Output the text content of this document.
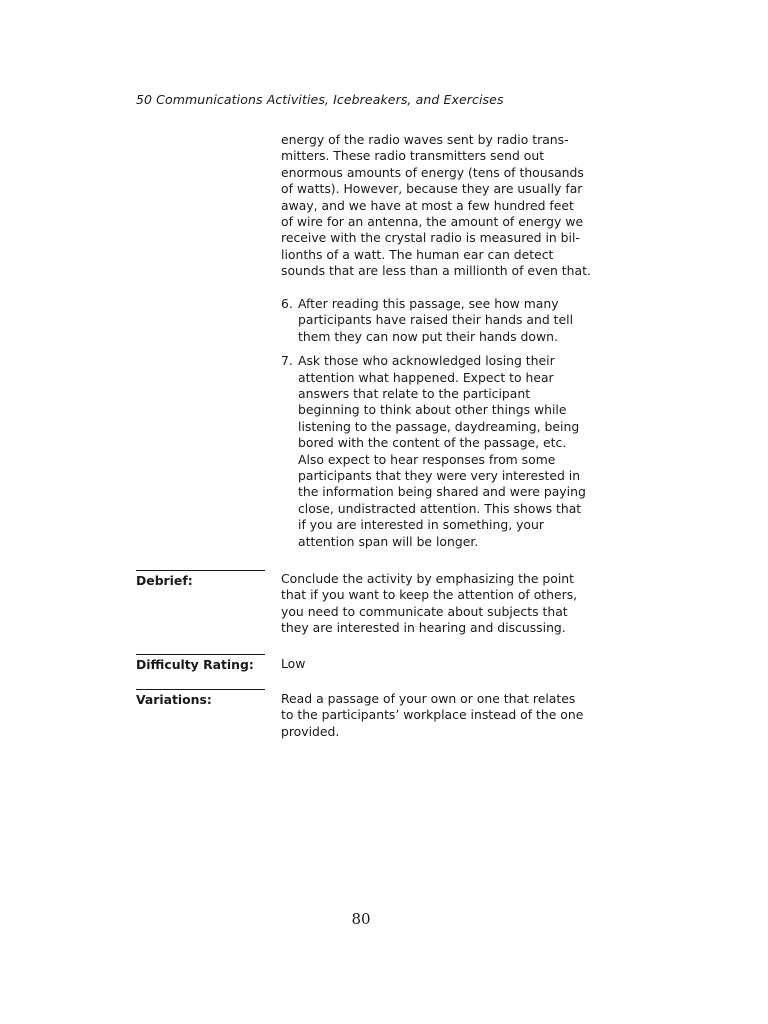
50 Communications Activities, Icebreakers, and Exercises
energy of the radio waves sent by radio trans-
mitters. These radio transmitters send out
enormous amounts of energy (tens of thousands
of watts). However, because they are usually far
away, and we have at most a few hundred feet
of wire for an antenna, the amount of energy we
receive with the crystal radio is measured in bil-
lionths of a watt. The human ear can detect
sounds that are less than a millionth of even that.
6. After reading this passage, see how many
participants have raised their hands and tell
them they can now put their hands down.
7. Ask those who acknowledged losing their
attention what happened. Expect to hear
answers that relate to the participant
beginning to think about other things while
listening to the passage, daydreaming, being
bored with the content of the passage, etc.
Also expect to hear responses from some
participants that they were very interested in
the information being shared and were paying
close, undistracted attention. This shows that
if you are interested in something, your
attention span will be longer.
Debrief:	Conclude the activity by emphasizing the point
that if you want to keep the attention of others,
you need to communicate about subjects that
they are interested in hearing and discussing.
Difficulty Rating:	Low
Variations:	Read a passage of your own or one that relates
to the participants’ workplace instead of the one
provided.
80
